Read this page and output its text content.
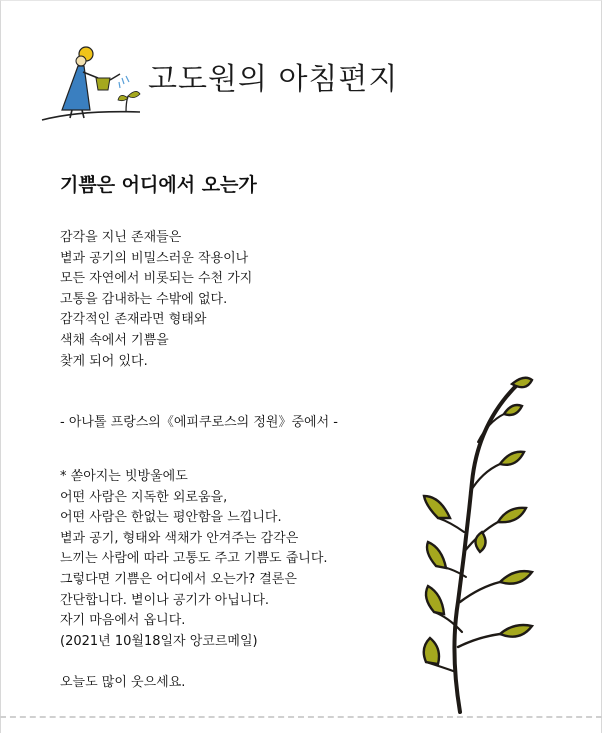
고도원의 아침편지
기쁨은 어디에서 오는가
감각을 지닌 존재들은
볕과 공기의 비밀스러운 작용이나
모든 자연에서 비롯되는 수천 가지
고통을 감내하는 수밖에 없다.
감각적인 존재라면 형태와
색채 속에서 기쁨을
찾게 되어 있다.
- 아나톨 프랑스의《에피쿠로스의 정원》중에서 -
* 쏟아지는 빗방울에도
어떤 사람은 지독한 외로움을,
어떤 사람은 한없는 평안함을 느낍니다.
볕과 공기, 형태와 색채가 안겨주는 감각은
느끼는 사람에 따라 고통도 주고 기쁨도 줍니다.
그렇다면 기쁨은 어디에서 오는가? 결론은
간단합니다. 볕이나 공기가 아닙니다.
자기 마음에서 옵니다.
(2021년 10월18일자 앙코르메일)
오늘도 많이 웃으세요.
